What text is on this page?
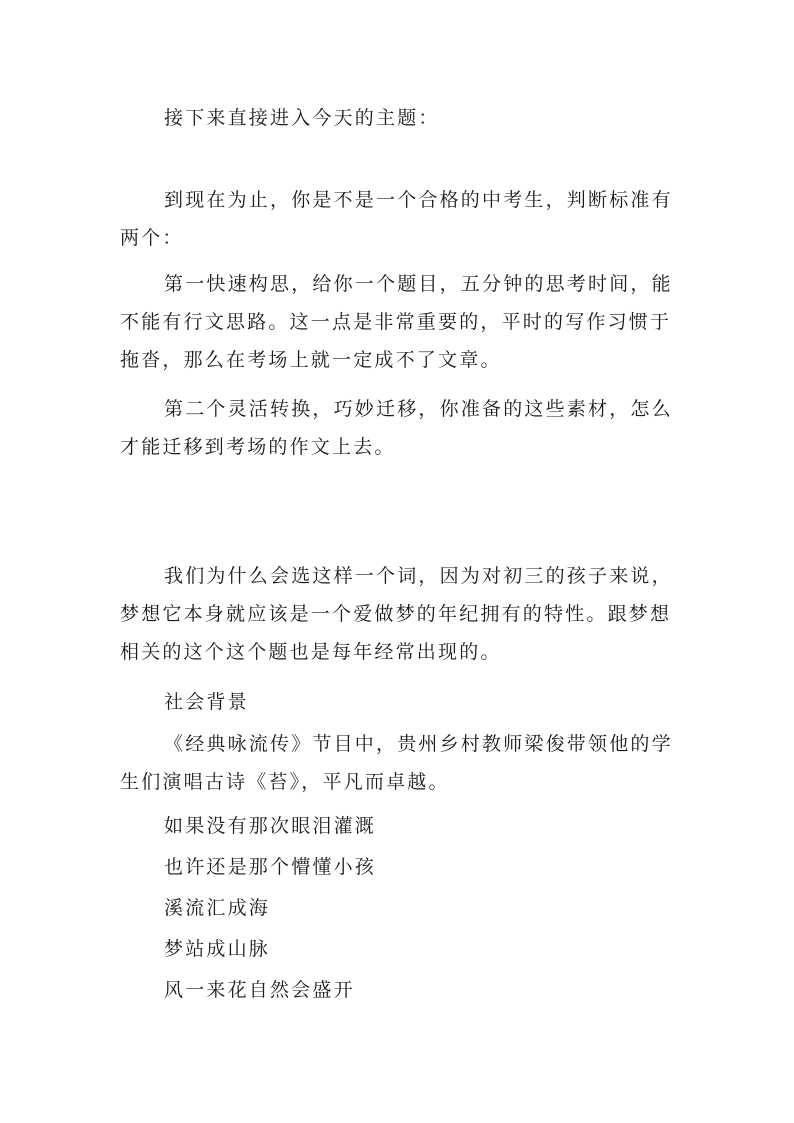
接下来直接进入今天的主题：

到现在为止，你是不是一个合格的中考生，判断标准有
两个：

第一快速构思，给你一个题目，五分钟的思考时间，能
不能有行文思路。这一点是非常重要的，平时的写作习惯于
拖沓，那么在考场上就一定成不了文章。

第二个灵活转换，巧妙迁移，你准备的这些素材，怎么
才能迁移到考场的作文上去。

我们为什么会选这样一个词，因为对初三的孩子来说，
梦想它本身就应该是一个爱做梦的年纪拥有的特性。跟梦想
相关的这个这个题也是每年经常出现的。

社会背景

《经典咏流传》节目中，贵州乡村教师梁俊带领他的学
生们演唱古诗《苔》，平凡而卓越。

如果没有那次眼泪灌溉

也许还是那个懵懂小孩

溪流汇成海

梦站成山脉

风一来花自然会盛开
